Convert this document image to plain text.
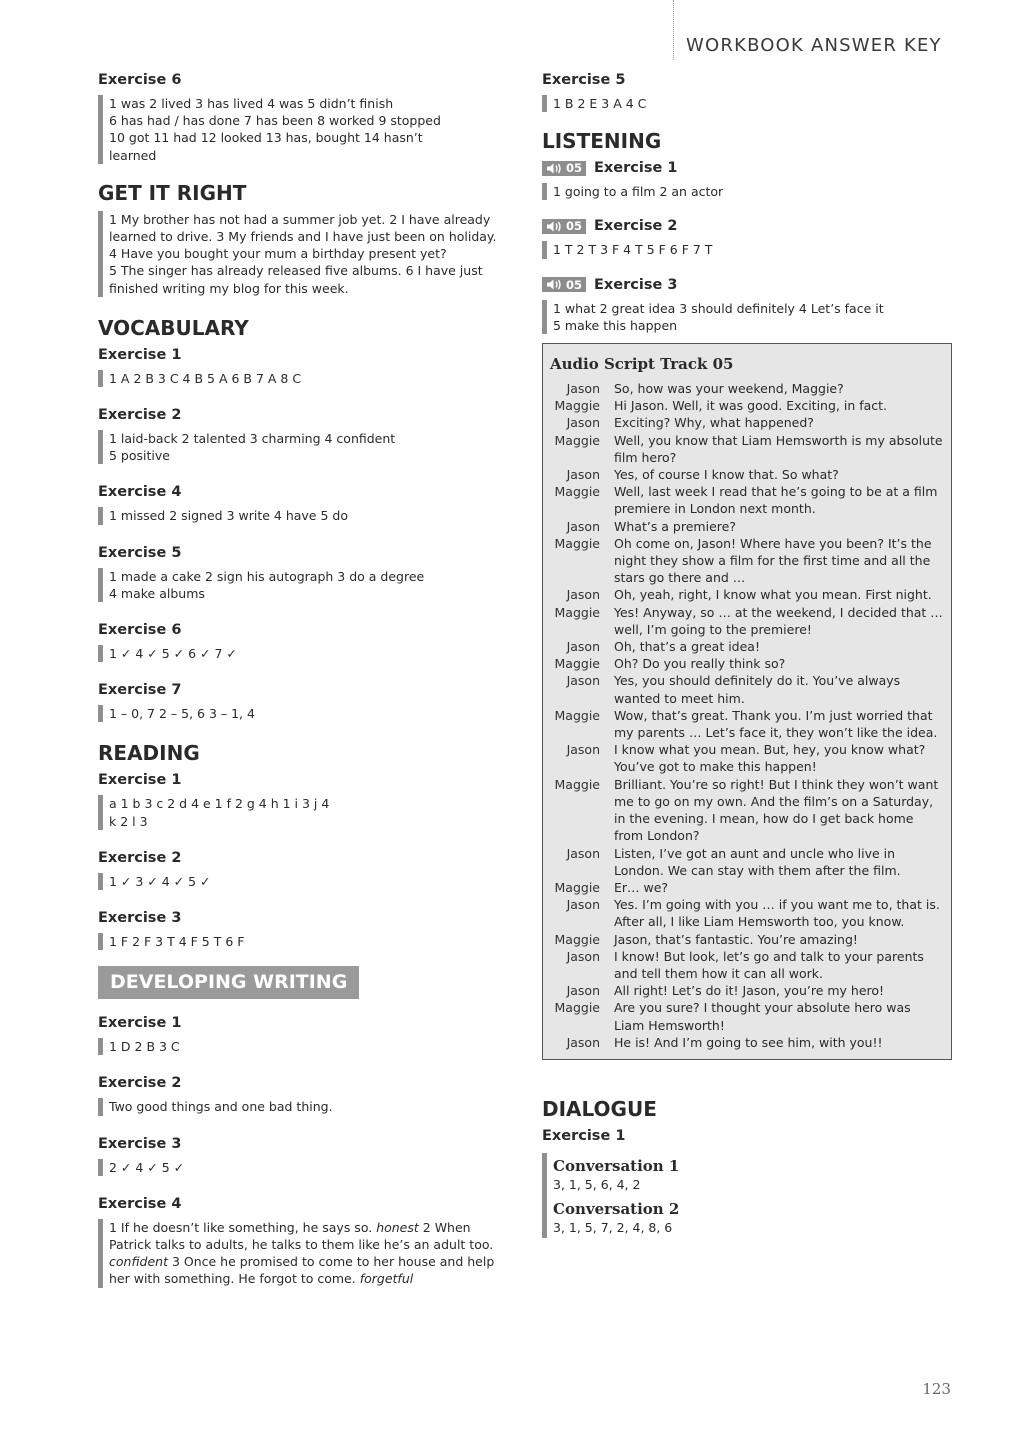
WORKBOOK ANSWER KEY
Exercise 6
1 was 2 lived 3 has lived 4 was 5 didn’t finish
6 has had / has done 7 has been 8 worked 9 stopped
10 got 11 had 12 looked 13 has, bought 14 hasn’t
learned
GET IT RIGHT
1 My brother has not had a summer job yet. 2 I have already
learned to drive. 3 My friends and I have just been on holiday.
4 Have you bought your mum a birthday present yet?
5 The singer has already released five albums. 6 I have just
finished writing my blog for this week.
VOCABULARY
Exercise 1
1 A 2 B 3 C 4 B 5 A 6 B 7 A 8 C
Exercise 2
1 laid-back 2 talented 3 charming 4 confident
5 positive
Exercise 4
1 missed 2 signed 3 write 4 have 5 do
Exercise 5
1 made a cake 2 sign his autograph 3 do a degree
4 make albums
Exercise 6
1 ✓ 4 ✓ 5 ✓ 6 ✓ 7 ✓
Exercise 7
1 – 0, 7 2 – 5, 6 3 – 1, 4
READING
Exercise 1
a 1 b 3 c 2 d 4 e 1 f 2 g 4 h 1 i 3 j 4
k 2 l 3
Exercise 2
1 ✓ 3 ✓ 4 ✓ 5 ✓
Exercise 3
1 F 2 F 3 T 4 F 5 T 6 F
DEVELOPING WRITING
Exercise 1
1 D 2 B 3 C
Exercise 2
Two good things and one bad thing.
Exercise 3
2 ✓ 4 ✓ 5 ✓
Exercise 4
1 If he doesn’t like something, he says so. honest 2 When Patrick talks to adults, he talks to them like he’s an adult too. confident 3 Once he promised to come to her house and help her with something. He forgot to come. forgetful
Exercise 5
1 B 2 E 3 A 4 C
LISTENING
05 Exercise 1
1 going to a film 2 an actor
05 Exercise 2
1 T 2 T 3 F 4 T 5 F 6 F 7 T
05 Exercise 3
1 what 2 great idea 3 should definitely 4 Let’s face it
5 make this happen
Audio Script Track 05
Jason	So, how was your weekend, Maggie?
Maggie	Hi Jason. Well, it was good. Exciting, in fact.
Jason	Exciting? Why, what happened?
Maggie	Well, you know that Liam Hemsworth is my absolute film hero?
Jason	Yes, of course I know that. So what?
Maggie	Well, last week I read that he’s going to be at a film premiere in London next month.
Jason	What’s a premiere?
Maggie	Oh come on, Jason! Where have you been? It’s the night they show a film for the first time and all the stars go there and …
Jason	Oh, yeah, right, I know what you mean. First night.
Maggie	Yes! Anyway, so … at the weekend, I decided that … well, I’m going to the premiere!
Jason	Oh, that’s a great idea!
Maggie	Oh? Do you really think so?
Jason	Yes, you should definitely do it. You’ve always wanted to meet him.
Maggie	Wow, that’s great. Thank you. I’m just worried that my parents … Let’s face it, they won’t like the idea.
Jason	I know what you mean. But, hey, you know what? You’ve got to make this happen!
Maggie	Brilliant. You’re so right! But I think they won’t want me to go on my own. And the film’s on a Saturday, in the evening. I mean, how do I get back home from London?
Jason	Listen, I’ve got an aunt and uncle who live in London. We can stay with them after the film.
Maggie	Er… we?
Jason	Yes. I’m going with you … if you want me to, that is. After all, I like Liam Hemsworth too, you know.
Maggie	Jason, that’s fantastic. You’re amazing!
Jason	I know! But look, let’s go and talk to your parents and tell them how it can all work.
Jason	All right! Let’s do it! Jason, you’re my hero!
Maggie	Are you sure? I thought your absolute hero was Liam Hemsworth!
Jason	He is! And I’m going to see him, with you!!
DIALOGUE
Exercise 1
Conversation 1
3, 1, 5, 6, 4, 2
Conversation 2
3, 1, 5, 7, 2, 4, 8, 6
123
